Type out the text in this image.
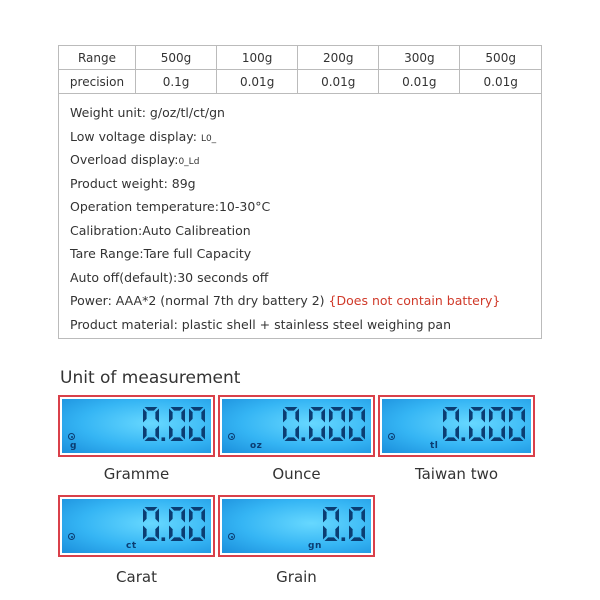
Range	500g	100g	200g	300g	500g
precision	0.1g	0.01g	0.01g	0.01g	0.01g
Weight unit: g/oz/tl/ct/gn
Low voltage display: L0_
Overload display:0_Ld
Product weight: 89g
Operation temperature:10-30°C
Calibration:Auto Calibreation
Tare Range:Tare full Capacity
Auto off(default):30 seconds off
Power: AAA*2 (normal 7th dry battery 2) {Does not contain battery}
Product material: plastic shell + stainless steel weighing pan
Unit of measurement
g
Gramme
oz
Ounce
tl
Taiwan two
ct
Carat
gn
Grain
